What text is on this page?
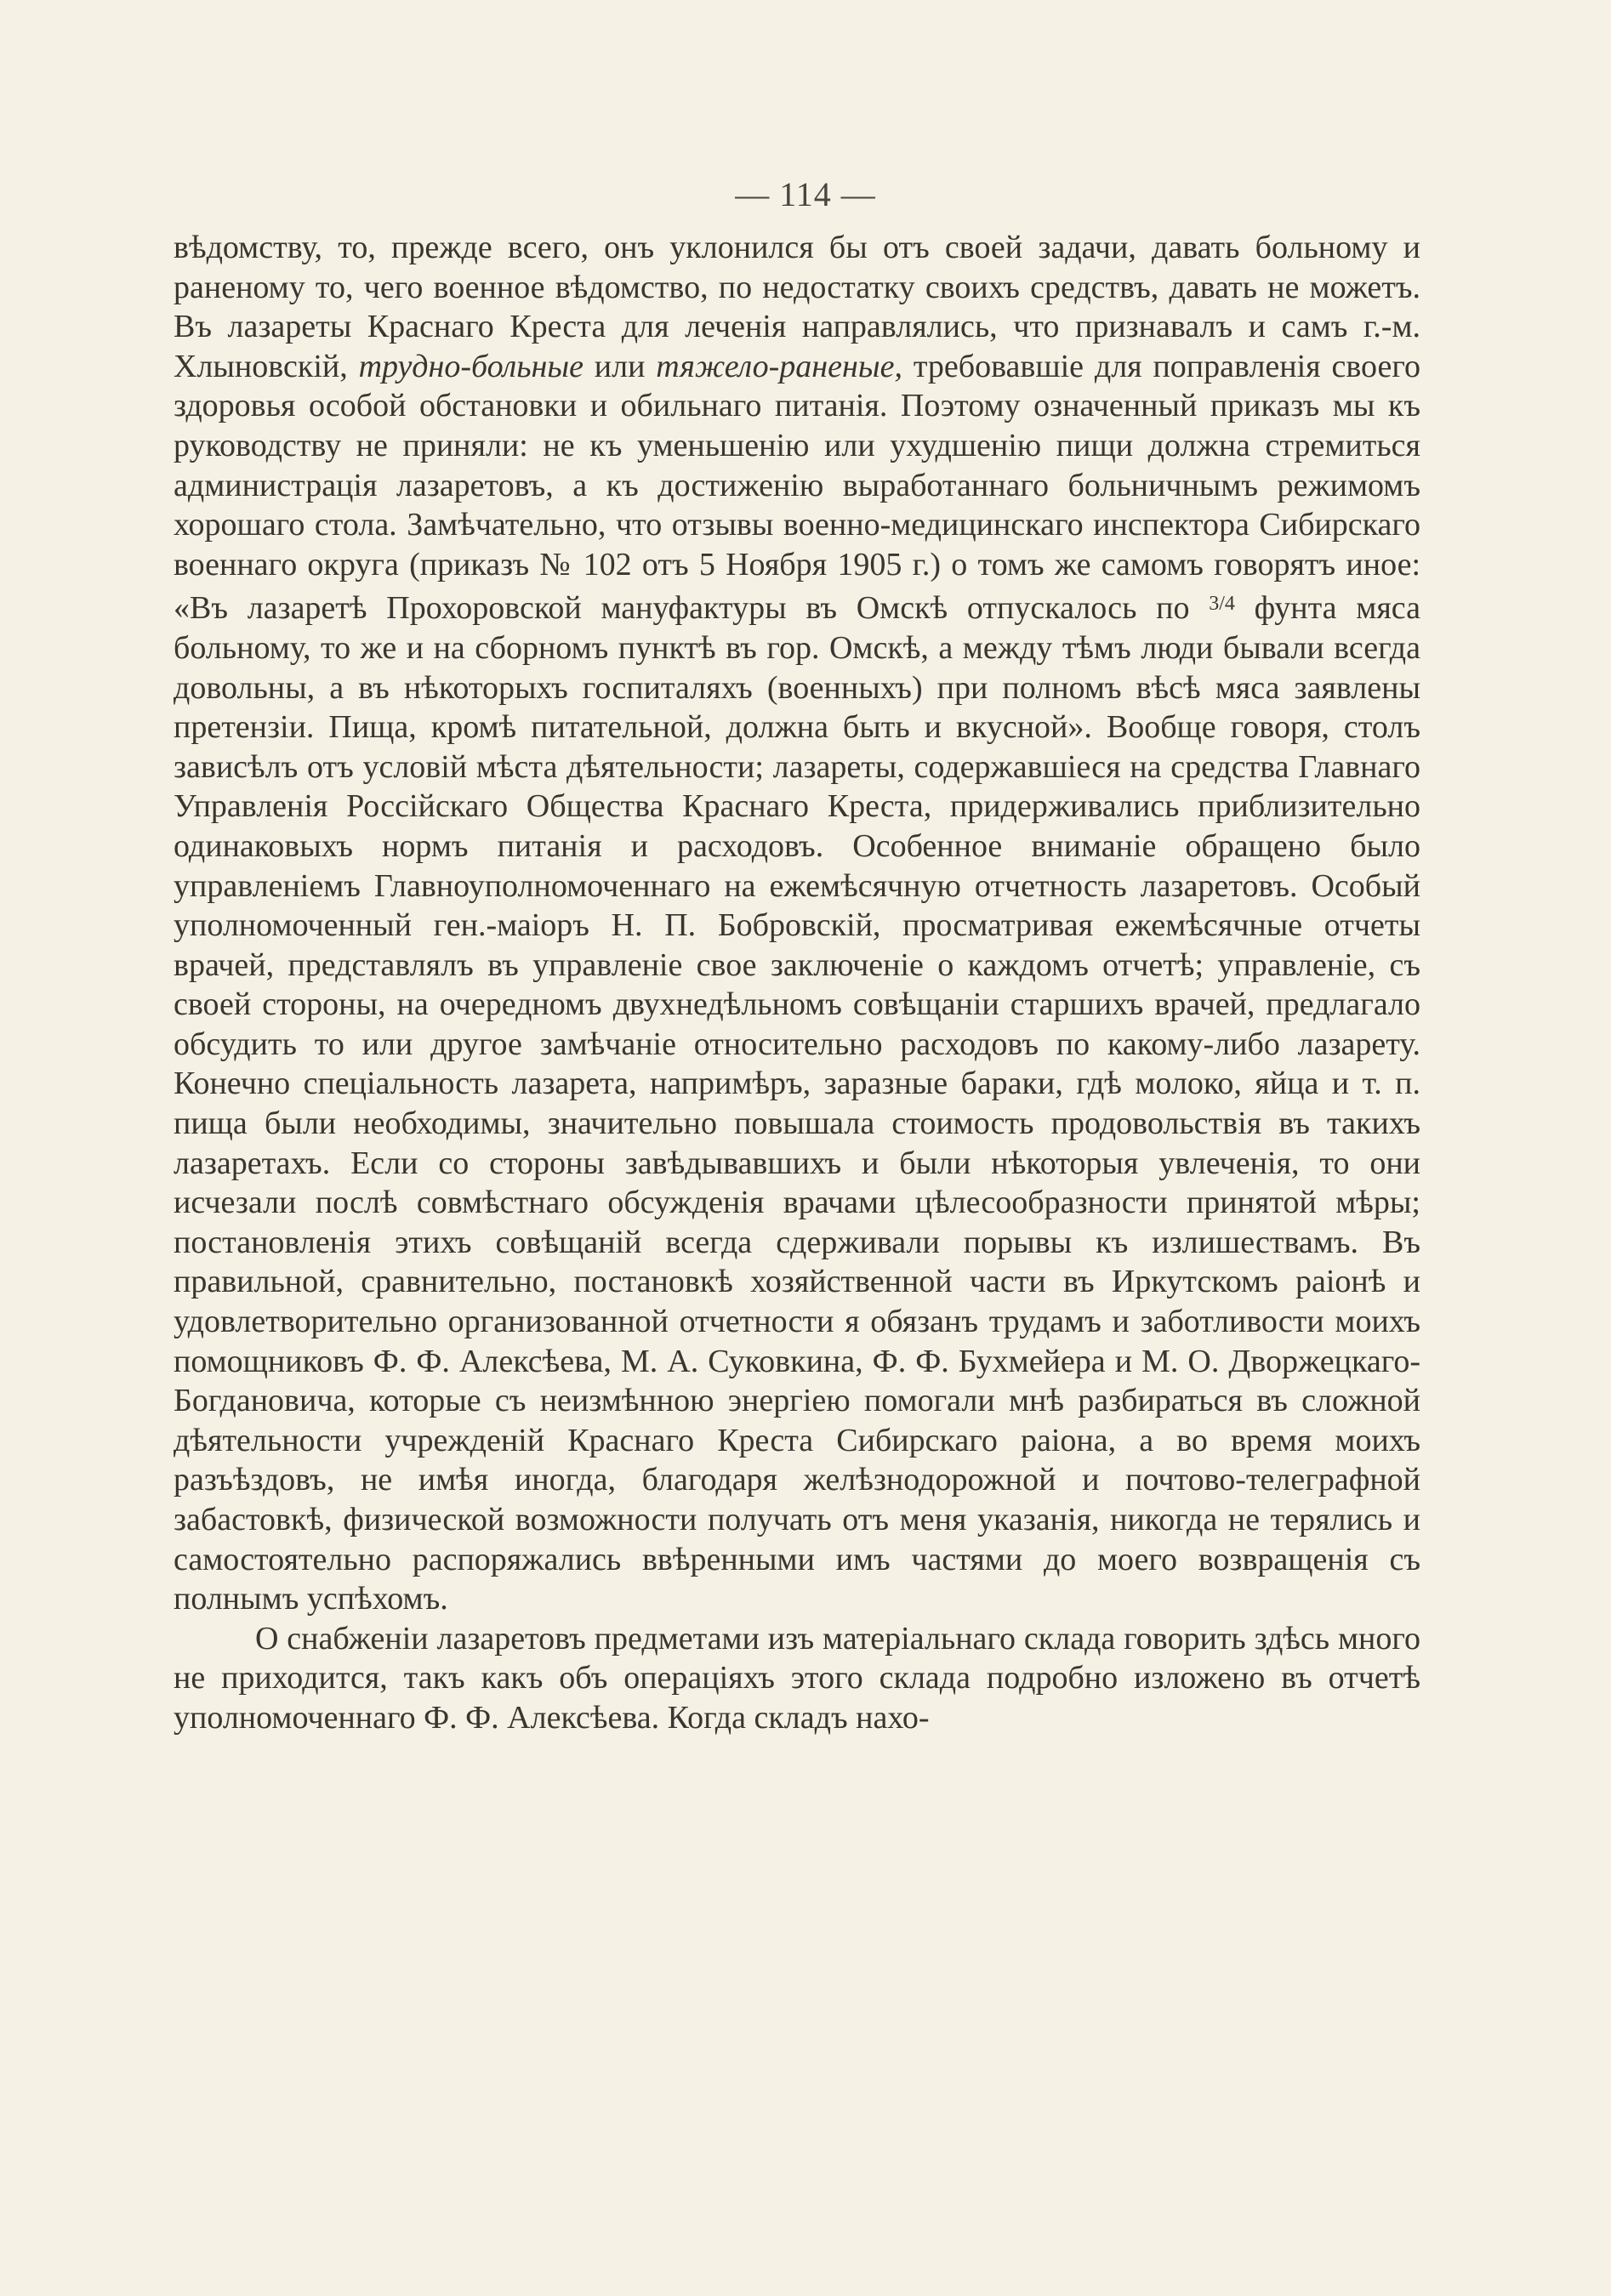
— 114 —

вѣдомству, то, прежде всего, онъ уклонился бы отъ своей задачи, давать больному и раненому то, чего военное вѣдомство, по недостатку своихъ средствъ, давать не можетъ. Въ лазареты Краснаго Креста для леченія направлялись, что признавалъ и самъ г.-м. Хлыновскій, трудно-больные или тяжело-раненые, требовавшіе для поправленія своего здоровья особой обстановки и обильнаго питанія. Поэтому означенный приказъ мы къ руководству не приняли: не къ уменьшенію или ухудшенію пищи должна стремиться администрація лазаретовъ, а къ достиженію выработаннаго больничнымъ режимомъ хорошаго стола. Замѣчательно, что отзывы военно-медицинскаго инспектора Сибирскаго военнаго округа (приказъ № 102 отъ 5 Ноября 1905 г.) о томъ же самомъ говорятъ иное: «Въ лазаретѣ Прохоровской мануфактуры въ Омскѣ отпускалось по $^{3/4}$ фунта мяса больному, то же и на сборномъ пунктѣ въ гор. Омскѣ, а между тѣмъ люди бывали всегда довольны, а въ нѣкоторыхъ госпиталяхъ (военныхъ) при полномъ вѣсѣ мяса заявлены претензіи. Пища, кромѣ питательной, должна быть и вкусной». Вообще говоря, столъ зависѣлъ отъ условій мѣста дѣятельности; лазареты, содержавшіеся на средства Главнаго Управленія Россійскаго Общества Краснаго Креста, придерживались приблизительно одинаковыхъ нормъ питанія и расходовъ. Особенное вниманіе обращено было управленіемъ Главноуполномоченнаго на ежемѣсячную отчетность лазаретовъ. Особый уполномоченный ген.-маіоръ Н. П. Бобровскій, просматривая ежемѣсячные отчеты врачей, представлялъ въ управленіе свое заключеніе о каждомъ отчетѣ; управленіе, съ своей стороны, на очередномъ двухнедѣльномъ совѣщаніи старшихъ врачей, предлагало обсудить то или другое замѣчаніе относительно расходовъ по какому-либо лазарету. Конечно спеціальность лазарета, напримѣръ, заразные бараки, гдѣ молоко, яйца и т. п. пища были необходимы, значительно повышала стоимость продовольствія въ такихъ лазаретахъ. Если со стороны завѣдывавшихъ и были нѣкоторыя увлеченія, то они исчезали послѣ совмѣстнаго обсужденія врачами цѣлесообразности принятой мѣры; постановленія этихъ совѣщаній всегда сдерживали порывы къ излишествамъ. Въ правильной, сравнительно, постановкѣ хозяйственной части въ Иркутскомъ раіонѣ и удовлетворительно организованной отчетности я обязанъ трудамъ и заботливости моихъ помощниковъ Ф. Ф. Алексѣева, М. А. Суковкина, Ф. Ф. Бухмейера и М. О. Дворжецкаго-Богдановича, которые съ неизмѣнною энергіею помогали мнѣ разбираться въ сложной дѣятельности учрежденій Краснаго Креста Сибирскаго раіона, а во время моихъ разъѣздовъ, не имѣя иногда, благодаря желѣзнодорожной и почтово-телеграфной забастовкѣ, физической возможности получать отъ меня указанія, никогда не терялись и самостоятельно распоряжались ввѣренными имъ частями до моего возвращенія съ полнымъ успѣхомъ.

О снабженіи лазаретовъ предметами изъ матеріальнаго склада говорить здѣсь много не приходится, такъ какъ объ операціяхъ этого склада подробно изложено въ отчетѣ уполномоченнаго Ф. Ф. Алексѣева. Когда складъ нахо-
